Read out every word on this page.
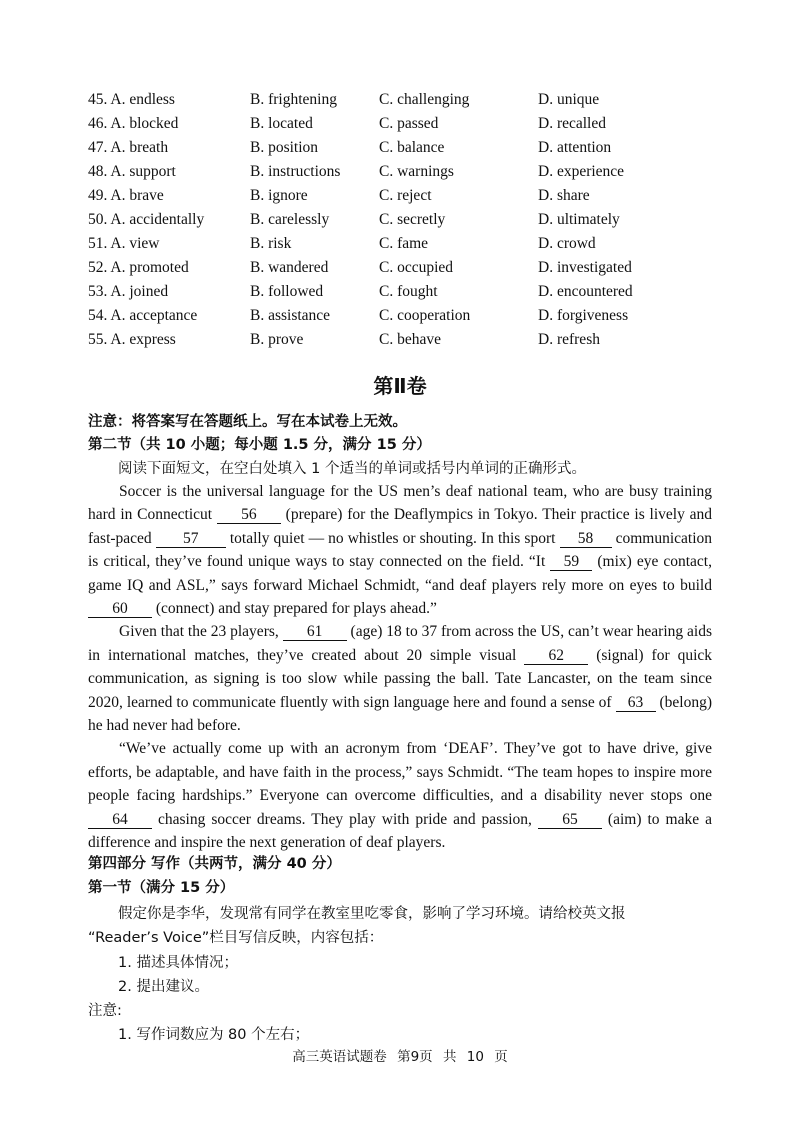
45. A. endless	B. frightening	C. challenging	D. unique
46. A. blocked	B. located	C. passed	D. recalled
47. A. breath	B. position	C. balance	D. attention
48. A. support	B. instructions C. warnings	D. experience
49. A. brave	B. ignore	C. reject	D. share
50. A. accidentally	B. carelessly	C. secretly	D. ultimately
51. A. view	B. risk	C. fame	D. crowd
52. A. promoted	B. wandered	C. occupied	D. investigated
53. A. joined	B. followed	C. fought	D. encountered
54. A. acceptance	B. assistance	C. cooperation	D. forgiveness
55. A. express	B. prove	C. behave	D. refresh
第Ⅱ卷
注意：将答案写在答题纸上。写在本试卷上无效。
第二节（共 10 小题；每小题 1.5 分，满分 15 分）
阅读下面短文，在空白处填入 1 个适当的单词或括号内单词的正确形式。

Soccer is the universal language for the US men’s deaf national team, who are busy training hard in Connecticut 56 (prepare) for the Deaflympics in Tokyo. Their practice is lively and fast-paced 57 totally quiet — no whistles or shouting. In this sport 58 communication is critical, they’ve found unique ways to stay connected on the field. “It 59 (mix) eye contact, game IQ and ASL,” says forward Michael Schmidt, “and deaf players rely more on eyes to build 60 (connect) and stay prepared for plays ahead.”

Given that the 23 players, 61 (age) 18 to 37 from across the US, can’t wear hearing aids in international matches, they’ve created about 20 simple visual 62 (signal) for quick communication, as signing is too slow while passing the ball. Tate Lancaster, on the team since 2020, learned to communicate fluently with sign language here and found a sense of 63 (belong) he had never had before.

“We’ve actually come up with an acronym from ‘DEAF’. They’ve got to have drive, give efforts, be adaptable, and have faith in the process,” says Schmidt. “The team hopes to inspire more people facing hardships.” Everyone can overcome difficulties, and a disability never stops one 64 chasing soccer dreams. They play with pride and passion, 65 (aim) to make a difference and inspire the next generation of deaf players.

第四部分 写作（共两节，满分 40 分）
第一节（满分 15 分）
假定你是李华，发现常有同学在教室里吃零食，影响了学习环境。请给校英文报
“Reader’s Voice”栏目写信反映，内容包括：
1. 描述具体情况；
2. 提出建议。
注意:
1. 写作词数应为 80 个左右；
高三英语试题卷 第9页 共 10 页
